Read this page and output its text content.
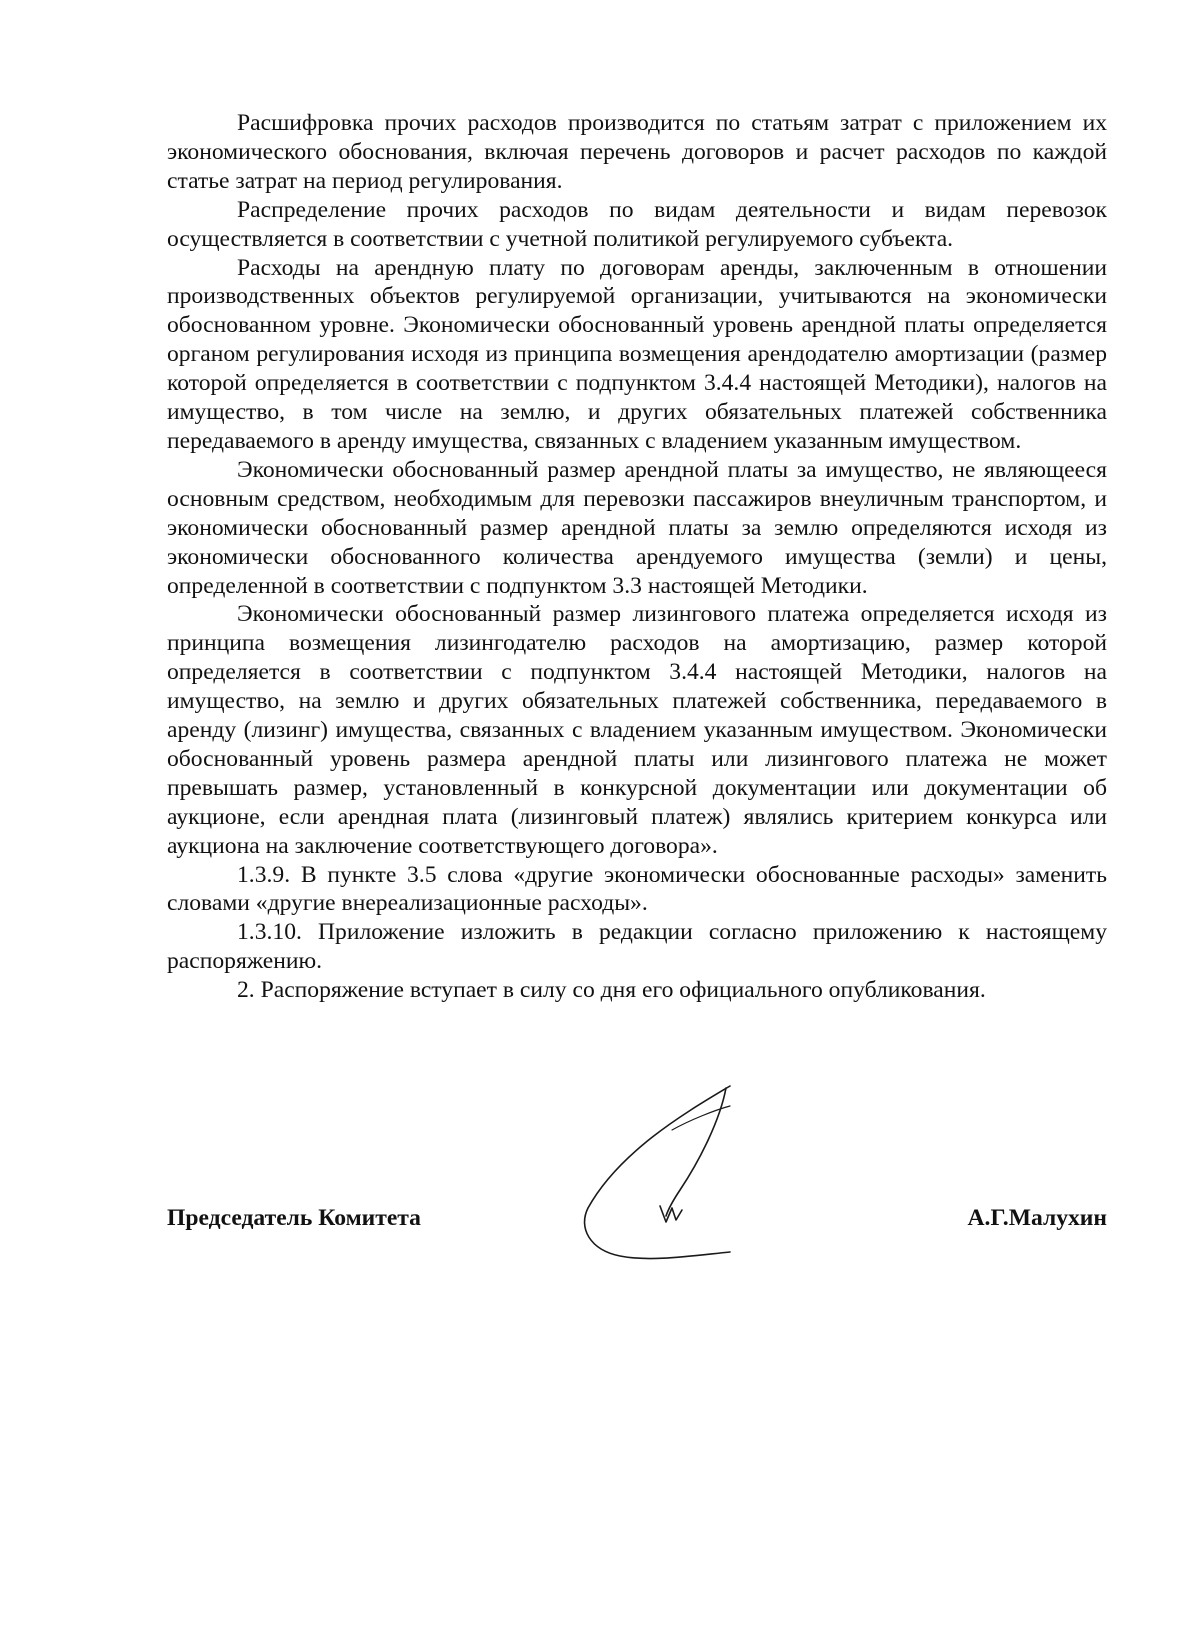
Расшифровка прочих расходов производится по статьям затрат с приложением их экономического обоснования, включая перечень договоров и расчет расходов по каждой статье затрат на период регулирования.

Распределение прочих расходов по видам деятельности и видам перевозок осуществляется в соответствии с учетной политикой регулируемого субъекта.

Расходы на арендную плату по договорам аренды, заключенным в отношении производственных объектов регулируемой организации, учитываются на экономически обоснованном уровне. Экономически обоснованный уровень арендной платы определяется органом регулирования исходя из принципа возмещения арендодателю амортизации (размер которой определяется в соответствии с подпунктом 3.4.4 настоящей Методики), налогов на имущество, в том числе на землю, и других обязательных платежей собственника передаваемого в аренду имущества, связанных с владением указанным имуществом.

Экономически обоснованный размер арендной платы за имущество, не являющееся основным средством, необходимым для перевозки пассажиров внеуличным транспортом, и экономически обоснованный размер арендной платы за землю определяются исходя из экономически обоснованного количества арендуемого имущества (земли) и цены, определенной в соответствии с подпунктом 3.3 настоящей Методики.

Экономически обоснованный размер лизингового платежа определяется исходя из принципа возмещения лизингодателю расходов на амортизацию, размер которой определяется в соответствии с подпунктом 3.4.4 настоящей Методики, налогов на имущество, на землю и других обязательных платежей собственника, передаваемого в аренду (лизинг) имущества, связанных с владением указанным имуществом. Экономически обоснованный уровень размера арендной платы или лизингового платежа не может превышать размер, установленный в конкурсной документации или документации об аукционе, если арендная плата (лизинговый платеж) являлись критерием конкурса или аукциона на заключение соответствующего договора».

1.3.9. В пункте 3.5 слова «другие экономически обоснованные расходы» заменить словами «другие внереализационные расходы».

1.3.10. Приложение изложить в редакции согласно приложению к настоящему распоряжению.

2. Распоряжение вступает в силу со дня его официального опубликования.

Председатель Комитета	А.Г.Малухин
